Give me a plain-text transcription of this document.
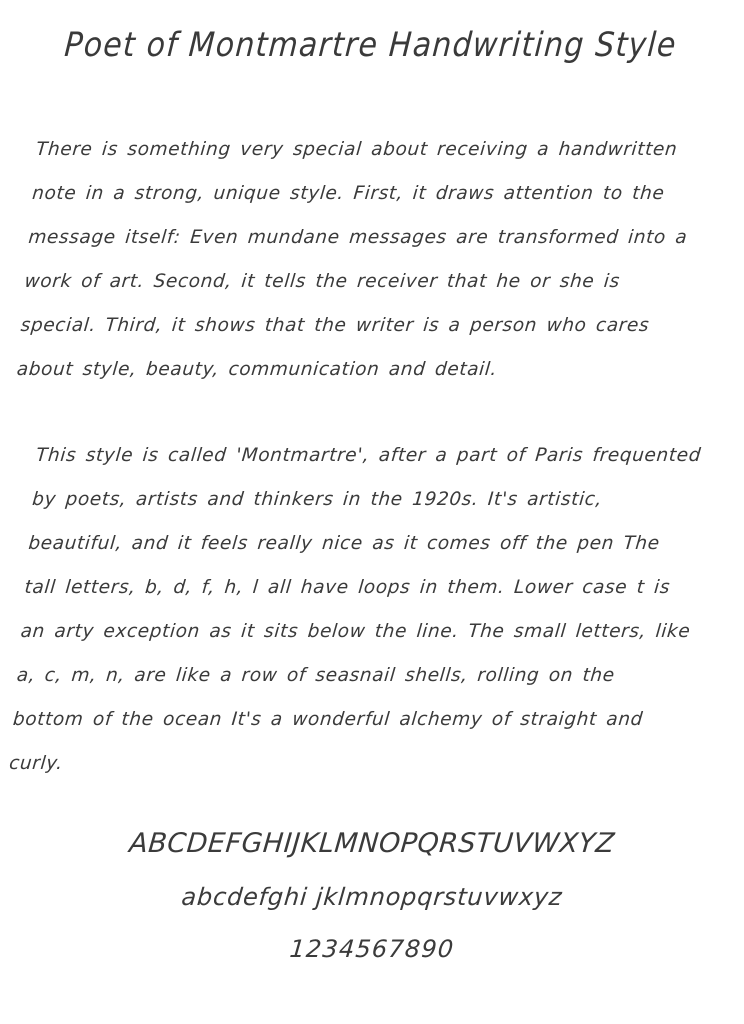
Poet of Montmartre Handwriting Style
There is something very special about receiving a handwritten note in a strong, unique style. First, it draws attention to the message itself: Even mundane messages are transformed into a work of art. Second, it tells the receiver that he or she is special. Third, it shows that the writer is a person who cares about style, beauty, communication and detail.
This style is called 'Montmartre', after a part of Paris frequented by poets, artists and thinkers in the 1920s. It's artistic, beautiful, and it feels really nice as it comes off the pen The tall letters, b, d, f, h, l all have loops in them. Lower case t is an arty exception as it sits below the line. The small letters, like a, c, m, n, are like a row of seasnail shells, rolling on the bottom of the ocean It's a wonderful alchemy of straight and curly.
ABCDEFGHIJKLMNOPQRSTUVWXYZ
abcdefghi jklmnopqrstuvwxyz
1234567890
